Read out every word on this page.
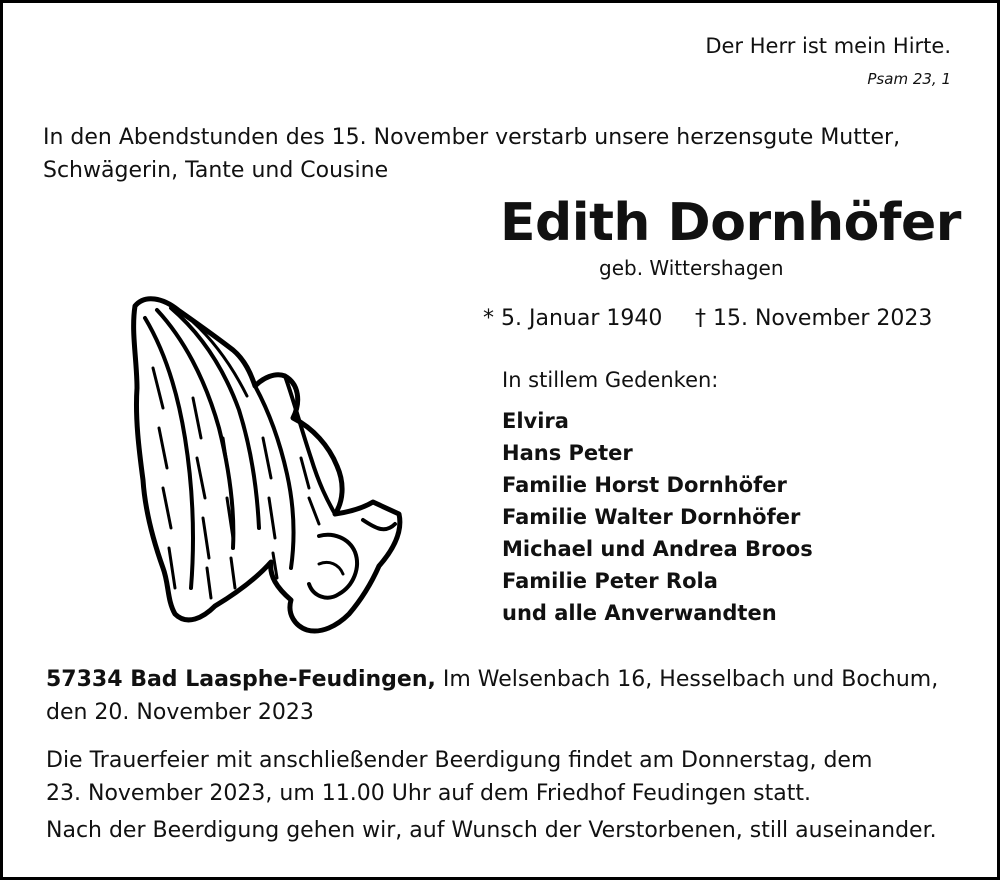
Der Herr ist mein Hirte.
Psam 23, 1
In den Abendstunden des 15. November verstarb unsere herzensgute Mutter,
Schwägerin, Tante und Cousine
Edith Dornhöfer
geb. Wittershagen
* 5. Januar 1940 † 15. November 2023
In stillem Gedenken:
Elvira
Hans Peter
Familie Horst Dornhöfer
Familie Walter Dornhöfer
Michael und Andrea Broos
Familie Peter Rola
und alle Anverwandten
57334 Bad Laasphe-Feudingen, Im Welsenbach 16, Hesselbach und Bochum,
den 20. November 2023
Die Trauerfeier mit anschließender Beerdigung findet am Donnerstag, dem
23. November 2023, um 11.00 Uhr auf dem Friedhof Feudingen statt.
Nach der Beerdigung gehen wir, auf Wunsch der Verstorbenen, still auseinander.
